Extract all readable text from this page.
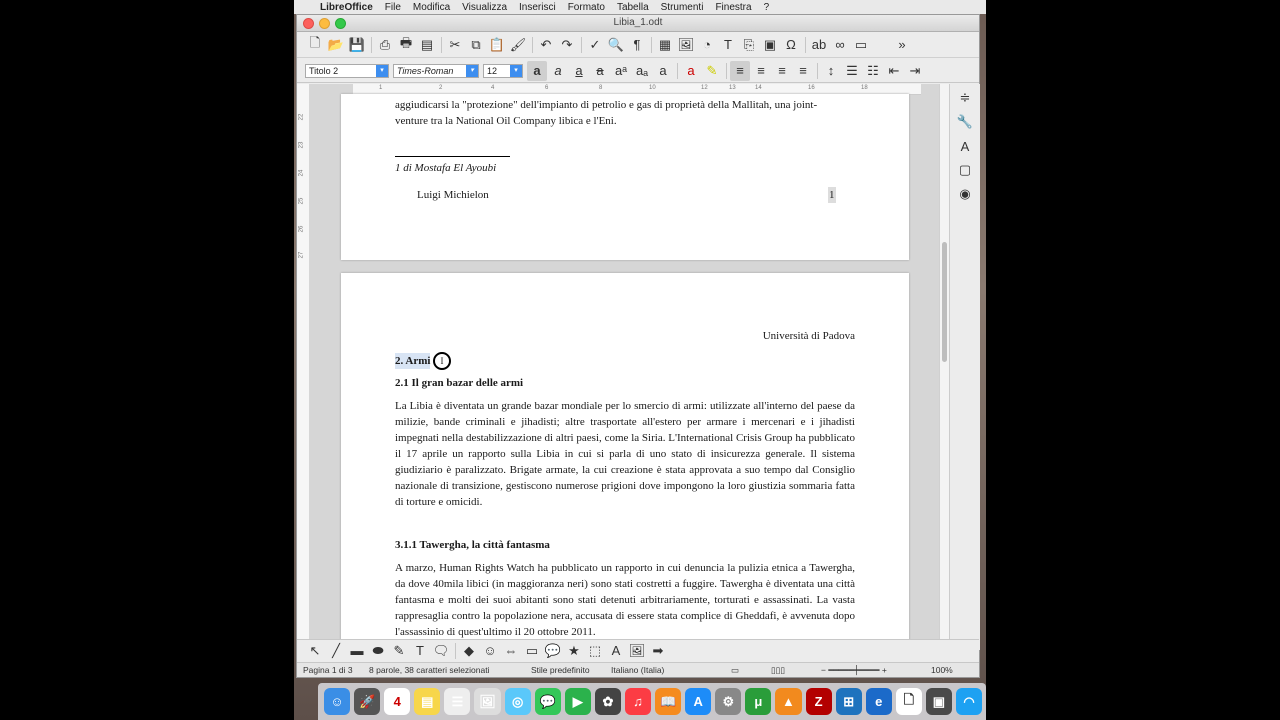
LibreOffice File Modifica Visualizza Inserisci Formato Tabella Strumenti Finestra ?
Libia_1.odt
🗋 📂 💾	⎙ 🖶 ▤	✂ ⧉ 📋 🖌	↶ ↷	✓ 🔍 ¶	▦ 🖼 ◔	T ⎘ ▣ Ω	ab ∞ ▭	»
Titolo 2	▾	Times-Roman	▾	12	▾	a	a	a	a aᵃ aₐ a	a ✎	≡	≡	≡	≡	↕ ☰ ☷ ⇤ ⇥
22
23
24
25
26
27
1	2	4	6	8	10	12	13	14	16	18
aggiudicarsi la "protezione" dell'impianto di petrolio e gas di proprietà della Mallitah, una joint-
venture tra la National Oil Company libica e l'Eni.
1 di Mostafa El Ayoubi
Luigi Michielon	1
Università di Padova
2. Armi	I
2.1 Il gran bazar delle armi
La Libia è diventata un grande bazar mondiale per lo smercio di armi: utilizzate all'interno del paese da milizie, bande criminali e jihadisti; altre trasportate all'estero per armare i mercenari e i jihadisti impegnati nella destabilizzazione di altri paesi, come la Siria. L'International Crisis Group ha pubblicato il 17 aprile un rapporto sulla Libia in cui si parla di uno stato di insicurezza generale. Il sistema giudiziario è paralizzato. Brigate armate, la cui creazione è stata approvata a suo tempo dal Consiglio nazionale di transizione, gestiscono numerose prigioni dove impongono la loro giustizia sommaria fatta di torture e omicidi.
3.1.1 Tawergha, la città fantasma
A marzo, Human Rights Watch ha pubblicato un rapporto in cui denuncia la pulizia etnica a Tawergha, da dove 40mila libici (in maggioranza neri) sono stati costretti a fuggire. Tawergha è diventata una città fantasma e molti dei suoi abitanti sono stati detenuti arbitrariamente, torturati e assassinati. La vasta rappresaglia contro la popolazione nera, accusata di essere stata complice di Gheddafi, è avvenuta dopo l'assassinio di quest'ultimo il 20 ottobre 2011.
≑
🔧
A
▢
◉
↖ ╱ ▬ ⬬ ✎ T 🗨	◆ ☺ ⇔ ▭ 💬 ★ ⬚ A 🖼 ➡
Pagina 1 di 3	8 parole, 38 caratteri selezionati	Stile predefinito	Italiano (Italia)	▭	▯▯▯	− ━━━━━┿━━━━ +	100%
☺	🚀	4	▤	☰	🖼	◎	💬	▶	✿	♫	📖	A	⚙	μ	▲	Z	⊞	e	🗋	▣	◠
